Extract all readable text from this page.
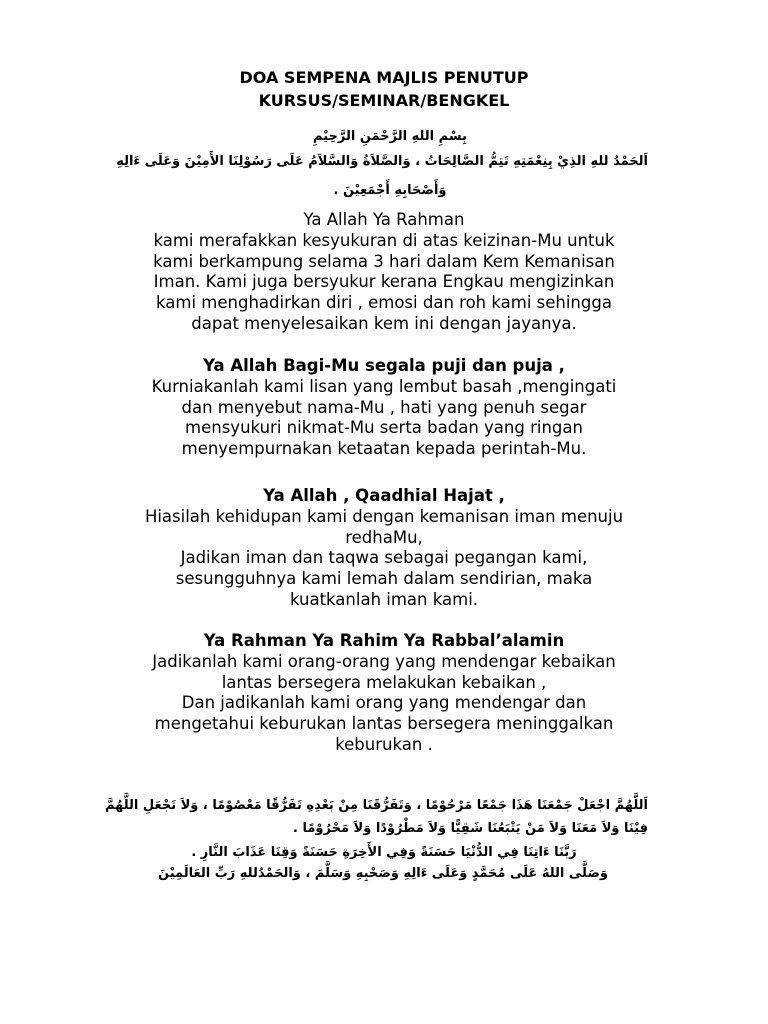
DOA SEMPENA MAJLIS PENUTUP
KURSUS/SEMINAR/BENGKEL
بِسْمِ اللهِ الرَّحْمَنِ الرَّحِيْمِ
اَلحَمْدُ للهِ الذِيْ بِنِعْمَتِهِ تَتِمُّ الصَّالِحَاتُ ، وَالصَّلاَةُ وَالسَّلاَمُ عَلَى رَسُوْلِنَا الأَمِيْنَ وَعَلَى ءَالِهِ
وَأَصْحَابِهِ أَجْمَعِيْنَ .
Ya Allah Ya Rahman
kami merafakkan kesyukuran di atas keizinan-Mu untuk
kami berkampung selama 3 hari dalam Kem Kemanisan
Iman. Kami juga bersyukur kerana Engkau mengizinkan
kami menghadirkan diri , emosi dan roh kami sehingga
dapat menyelesaikan kem ini dengan jayanya.
Ya Allah Bagi-Mu segala puji dan puja ,
Kurniakanlah kami lisan yang lembut basah ,mengingati
dan menyebut nama-Mu , hati yang penuh segar
mensyukuri nikmat-Mu serta badan yang ringan
menyempurnakan ketaatan kepada perintah-Mu.
Ya Allah , Qaadhial Hajat ,
Hiasilah kehidupan kami dengan kemanisan iman menuju
redhaMu,
Jadikan iman dan taqwa sebagai pegangan kami,
sesungguhnya kami lemah dalam sendirian, maka
kuatkanlah iman kami.
Ya Rahman Ya Rahim Ya Rabbal’alamin
Jadikanlah kami orang-orang yang mendengar kebaikan
lantas bersegera melakukan kebaikan ,
Dan jadikanlah kami orang yang mendengar dan
mengetahui keburukan lantas bersegera meninggalkan
keburukan .
اَللَّهُمَّ اجْعَلْ جَمْعَنَا هَذَا جَمْعًا مَرْحُوْمًا ، وَتَفَرُّقَنَا مِنْ بَعْدِهِ تَفَرُّقًا مَعْصُوْمًا ، وَلاَ تَجْعَلِ اللَّهُمَّ
فِيْنَا وَلاَ مَعَنَا وَلاَ مَنْ يَتْبَعُنَا شَقِيًّا وَلاَ مَطْرُوْدًا وَلاَ مَحْرُوْمًا .
رَبَّنَا ءَاتِنَا فِي الدُّنْيَا حَسَنَةً وَفِي الأَخِرَةِ حَسَنَةً وَقِنَا عَذَابَ النَّارِ .
وَصَلَّى اللهُ عَلَى مُحَمَّدٍ وَعَلَى ءَالِهِ وَصَحْبِهِ وَسَلَّمَ ، وَالحَمْدُللهِ رَبِّ العَالَمِيْنَ
